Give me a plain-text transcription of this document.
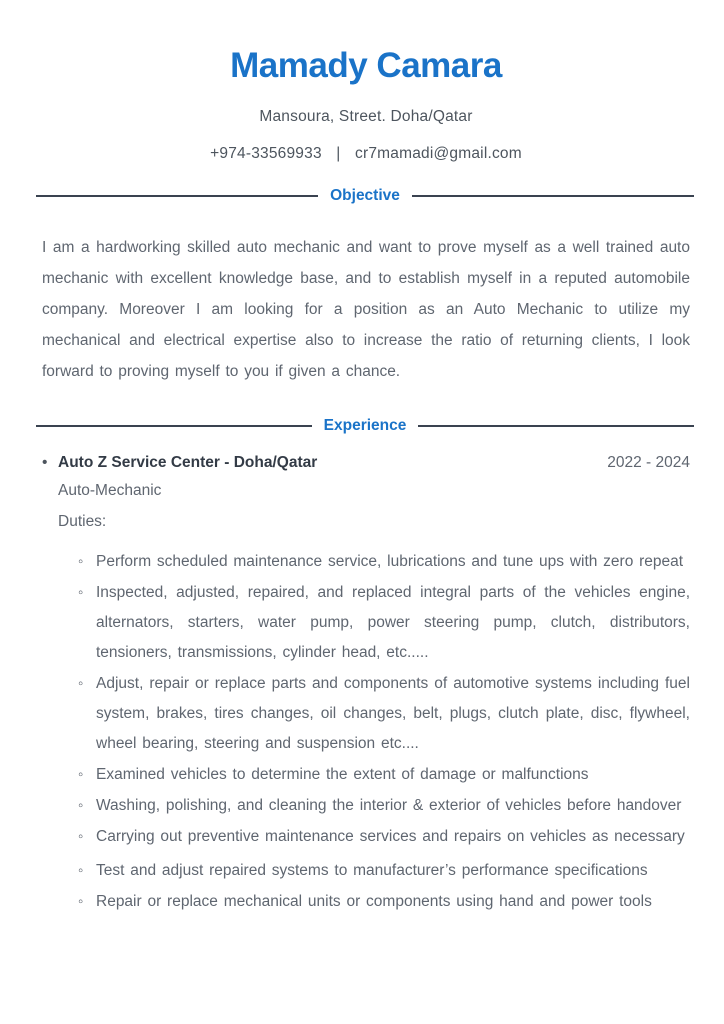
Mamady Camara
Mansoura, Street. Doha/Qatar
+974-33569933 | cr7mamadi@gmail.com
Objective

I am a hardworking skilled auto mechanic and want to prove myself as a well trained auto mechanic with excellent knowledge base, and to establish myself in a reputed automobile company. Moreover I am looking for a position as an Auto Mechanic to utilize my mechanical and electrical expertise also to increase the ratio of returning clients, I look forward to proving myself to you if given a chance.

Experience
• Auto Z Service Center - Doha/Qatar	2022 - 2024
Auto-Mechanic
Duties:
◦ Perform scheduled maintenance service, lubrications and tune ups with zero repeat
◦ Inspected, adjusted, repaired, and replaced integral parts of the vehicles engine, alternators, starters, water pump, power steering pump, clutch, distributors, tensioners, transmissions, cylinder head, etc.....
◦ Adjust, repair or replace parts and components of automotive systems including fuel system, brakes, tires changes, oil changes, belt, plugs, clutch plate, disc, flywheel, wheel bearing, steering and suspension etc....
◦ Examined vehicles to determine the extent of damage or malfunctions
◦ Washing, polishing, and cleaning the interior & exterior of vehicles before handover
◦ Carrying out preventive maintenance services and repairs on vehicles as necessary
◦ Test and adjust repaired systems to manufacturer’s performance specifications
◦ Repair or replace mechanical units or components using hand and power tools
